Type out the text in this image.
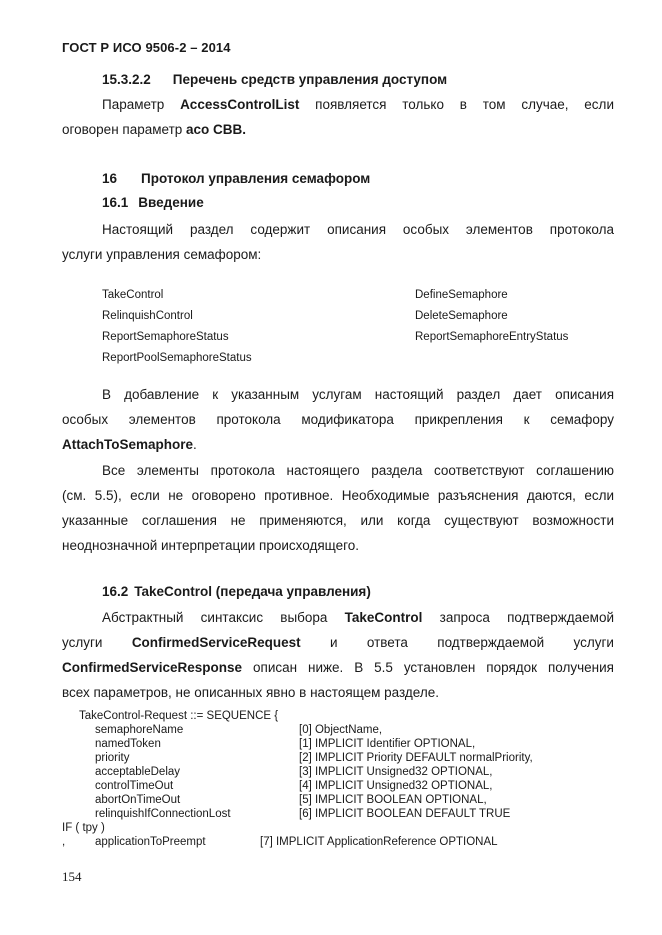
ГОСТ Р ИСО 9506-2 – 2014
15.3.2.2 Перечень средств управления доступом
Параметр AccessControlList появляется только в том случае, если
оговорен параметр aco CBB.
16 Протокол управления семафором
16.1 Введение
Настоящий раздел содержит описания особых элементов протокола
услуги управления семафором:
TakeControl
RelinquishControl
ReportSemaphoreStatus
ReportPoolSemaphoreStatus
DefineSemaphore
DeleteSemaphore
ReportSemaphoreEntryStatus
В добавление к указанным услугам настоящий раздел дает описания
особых элементов протокола модификатора прикрепления к семафору
AttachToSemaphore.
Все элементы протокола настоящего раздела соответствуют соглашению
(см. 5.5), если не оговорено противное. Необходимые разъяснения даются, если
указанные соглашения не применяются, или когда существуют возможности
неоднозначной интерпретации происходящего.
16.2 TakeControl (передача управления)
Абстрактный синтаксис выбора TakeControl запроса подтверждаемой
услуги ConfirmedServiceRequest и ответа подтверждаемой услуги
ConfirmedServiceResponse описан ниже. В 5.5 установлен порядок получения
всех параметров, не описанных явно в настоящем разделе.
TakeControl-Request ::= SEQUENCE {
semaphoreName
namedToken
priority
acceptableDelay
controlTimeOut
abortOnTimeOut
relinquishIfConnectionLost
[0] ObjectName,
[1] IMPLICIT Identifier OPTIONAL,
[2] IMPLICIT Priority DEFAULT normalPriority,
[3] IMPLICIT Unsigned32 OPTIONAL,
[4] IMPLICIT Unsigned32 OPTIONAL,
[5] IMPLICIT BOOLEAN OPTIONAL,
[6] IMPLICIT BOOLEAN DEFAULT TRUE
IF ( tpy )
,	applicationToPreempt	[7] IMPLICIT ApplicationReference OPTIONAL
154
